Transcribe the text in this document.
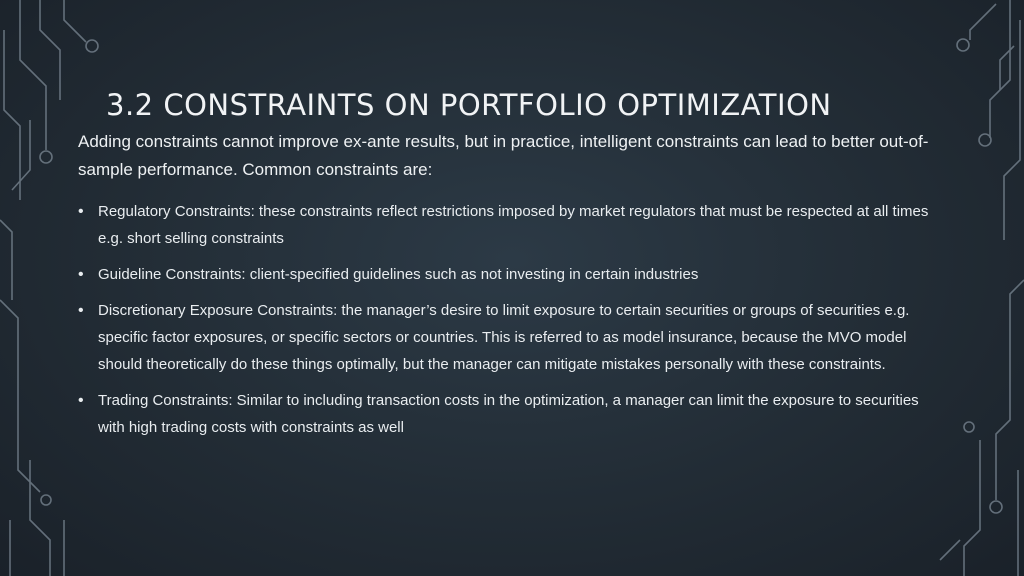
3.2 CONSTRAINTS ON PORTFOLIO OPTIMIZATION
Adding constraints cannot improve ex-ante results, but in practice, intelligent constraints can lead to better out-of-sample performance. Common constraints are:
• Regulatory Constraints: these constraints reflect restrictions imposed by market regulators that must be respected at all times e.g. short selling constraints
• Guideline Constraints: client-specified guidelines such as not investing in certain industries
• Discretionary Exposure Constraints: the manager’s desire to limit exposure to certain securities or groups of securities e.g. specific factor exposures, or specific sectors or countries. This is referred to as model insurance, because the MVO model should theoretically do these things optimally, but the manager can mitigate mistakes personally with these constraints.
• Trading Constraints: Similar to including transaction costs in the optimization, a manager can limit the exposure to securities with high trading costs with constraints as well
